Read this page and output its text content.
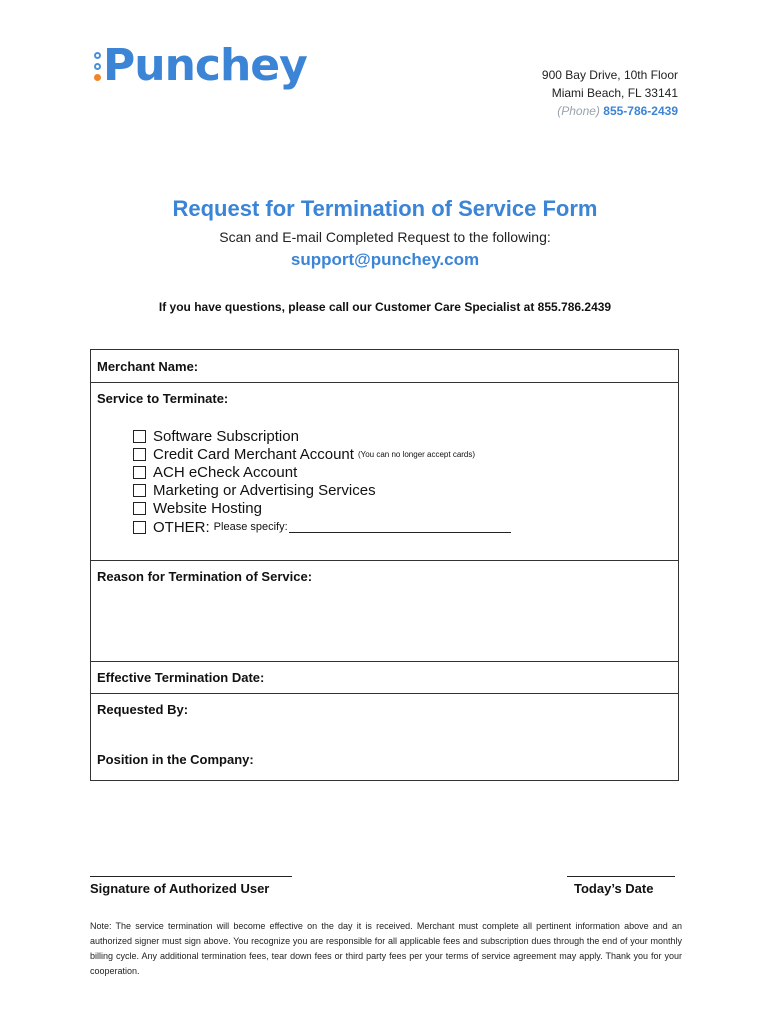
Punchey	900 Bay Drive, 10th Floor
Miami Beach, FL 33141
(Phone) 855-786-2439
Request for Termination of Service Form
Scan and E-mail Completed Request to the following:
support@punchey.com
If you have questions, please call our Customer Care Specialist at 855.786.2439
Merchant Name:
Service to Terminate:
Software Subscription
Credit Card Merchant Account (You can no longer accept cards)
ACH eCheck Account
Marketing or Advertising Services
Website Hosting
OTHER: Please specify:
Reason for Termination of Service:
Effective Termination Date:
Requested By:
Position in the Company:
Signature of Authorized User	Today’s Date
Note: The service termination will become effective on the day it is received. Merchant must complete all pertinent information above and an authorized signer must sign above. You recognize you are responsible for all applicable fees and subscription dues through the end of your monthly billing cycle. Any additional termination fees, tear down fees or third party fees per your terms of service agreement may apply. Thank you for your cooperation.
